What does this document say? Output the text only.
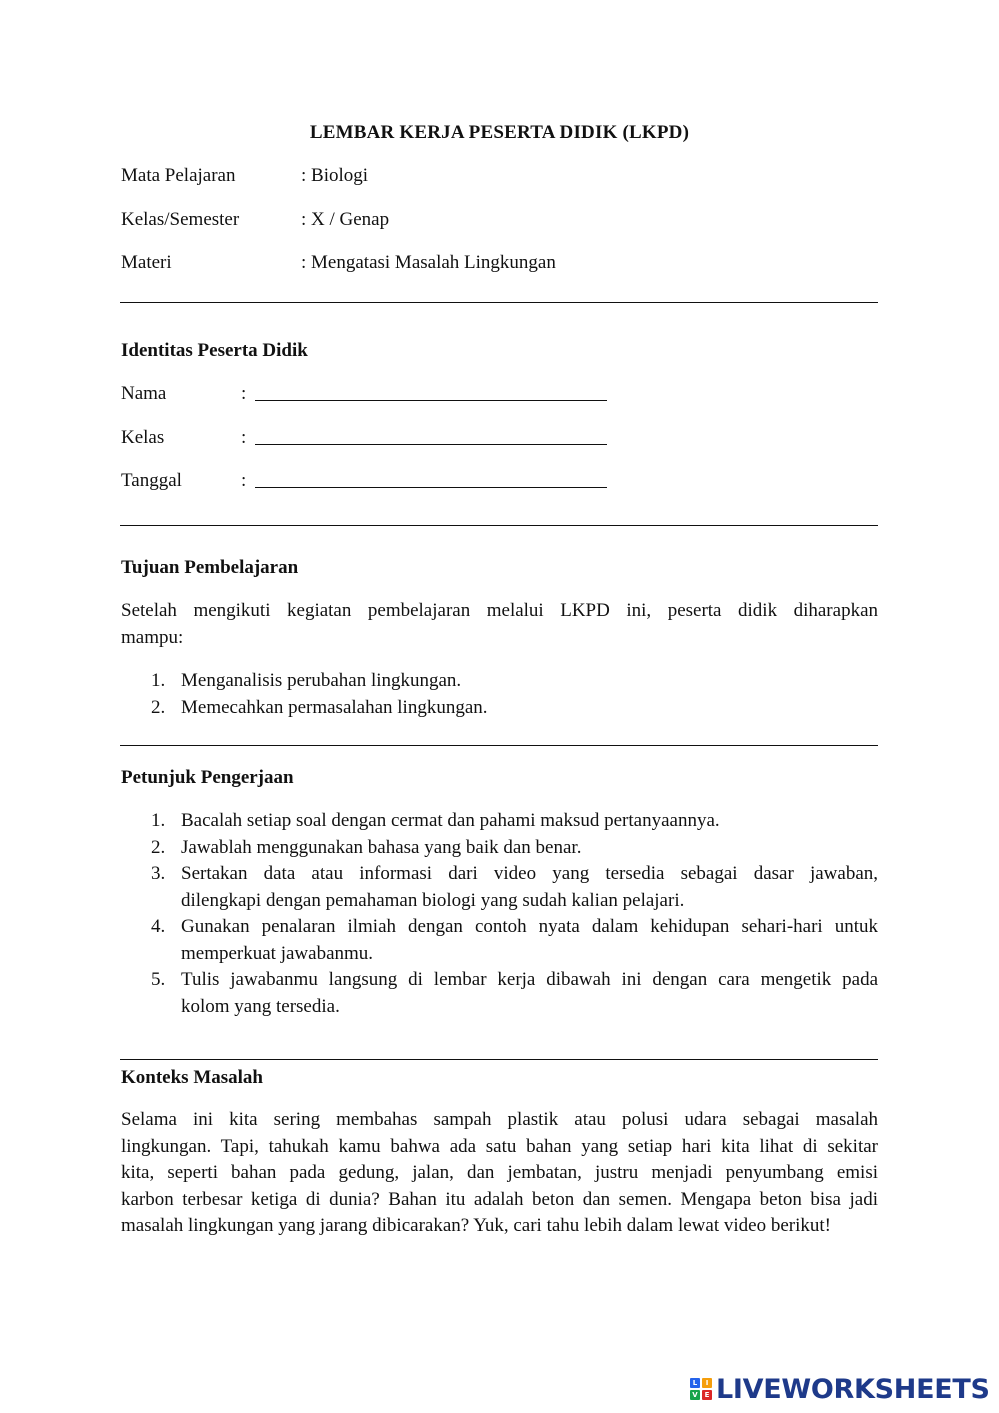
LEMBAR KERJA PESERTA DIDIK (LKPD)
Mata Pelajaran	: Biologi
Kelas/Semester	: X / Genap
Materi	: Mengatasi Masalah Lingkungan
Identitas Peserta Didik
Nama	:
Kelas	:
Tanggal	:
Tujuan Pembelajaran
Setelah mengikuti kegiatan pembelajaran melalui LKPD ini, peserta didik diharapkan
mampu:
1. Menganalisis perubahan lingkungan.
2. Memecahkan permasalahan lingkungan.
Petunjuk Pengerjaan
1. Bacalah setiap soal dengan cermat dan pahami maksud pertanyaannya.
2. Jawablah menggunakan bahasa yang baik dan benar.
3. Sertakan data atau informasi dari video yang tersedia sebagai dasar jawaban,
dilengkapi dengan pemahaman biologi yang sudah kalian pelajari.
4. Gunakan penalaran ilmiah dengan contoh nyata dalam kehidupan sehari-hari untuk
memperkuat jawabanmu.
5. Tulis jawabanmu langsung di lembar kerja dibawah ini dengan cara mengetik pada
kolom yang tersedia.
Konteks Masalah
Selama ini kita sering membahas sampah plastik atau polusi udara sebagai masalah
lingkungan. Tapi, tahukah kamu bahwa ada satu bahan yang setiap hari kita lihat di sekitar
kita, seperti bahan pada gedung, jalan, dan jembatan, justru menjadi penyumbang emisi
karbon terbesar ketiga di dunia? Bahan itu adalah beton dan semen. Mengapa beton bisa jadi
masalah lingkungan yang jarang dibicarakan? Yuk, cari tahu lebih dalam lewat video berikut!
L	I
V E LIVEWORKSHEETS
